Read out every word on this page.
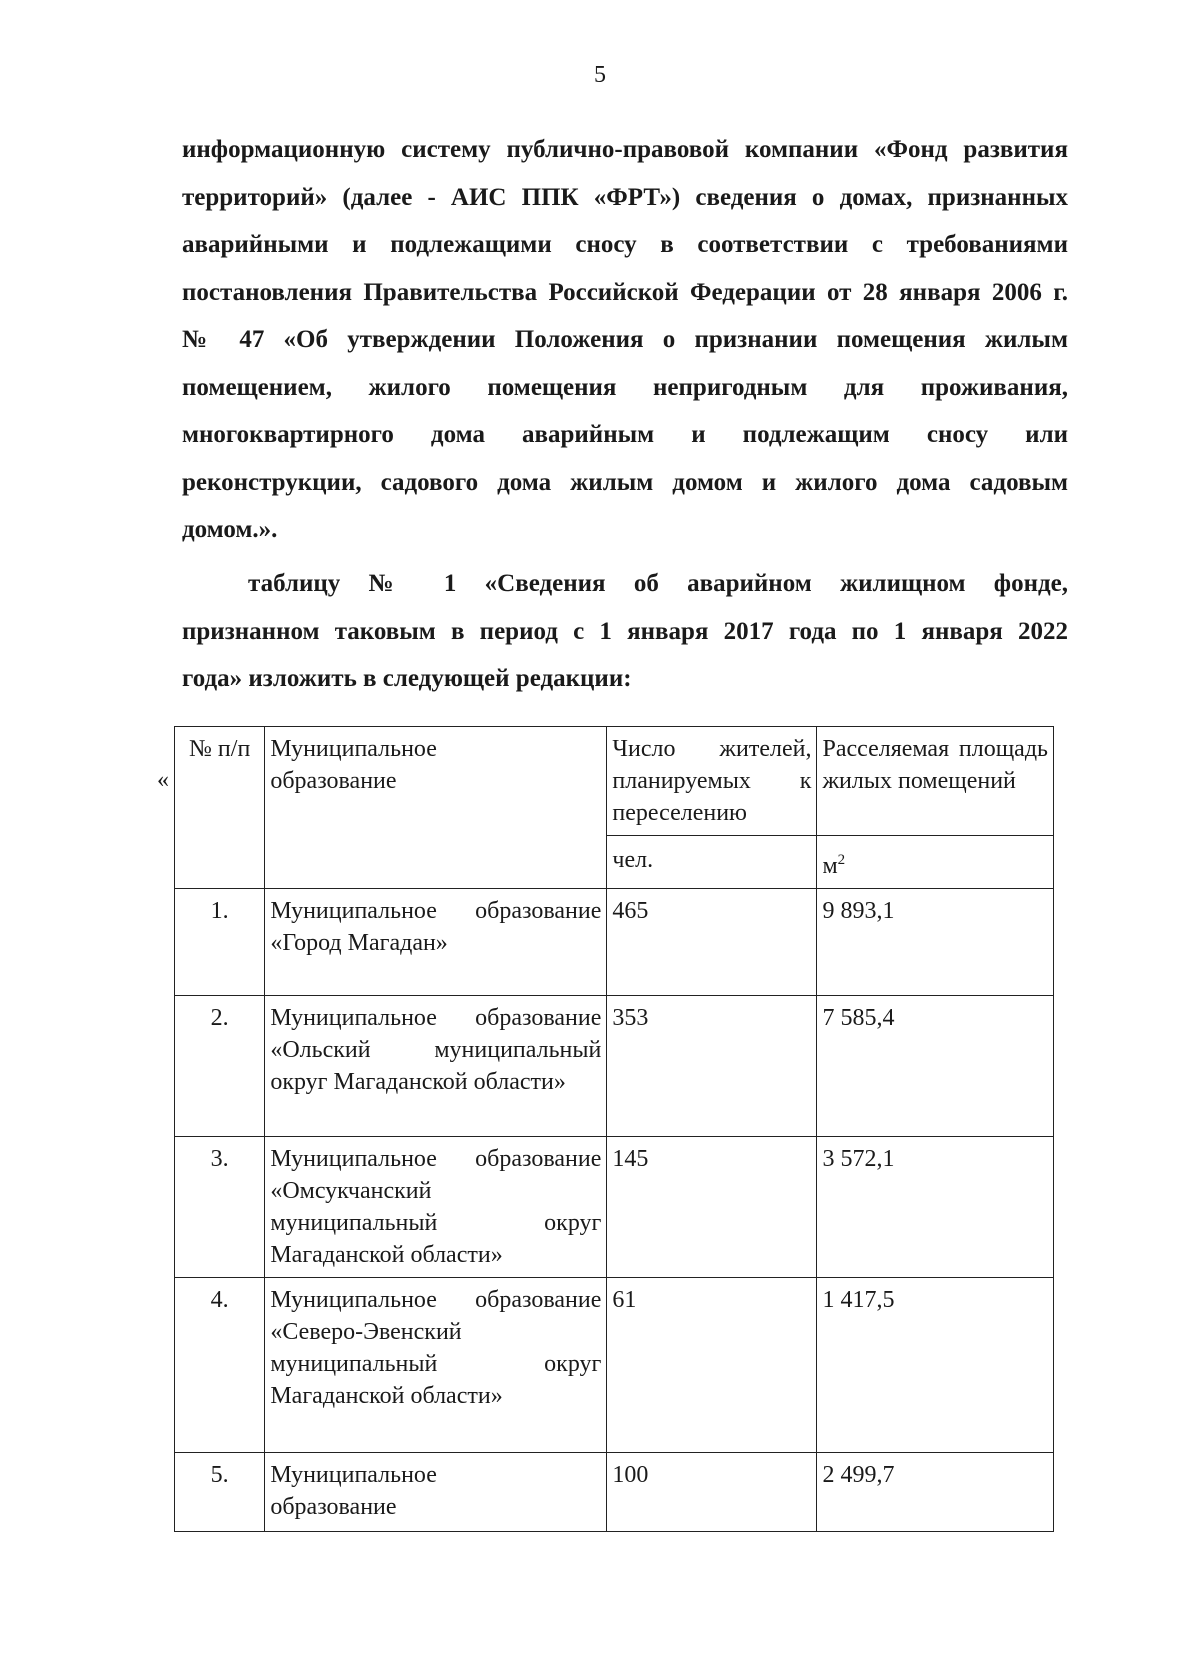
5
информационную систему публично-правовой компании «Фонд развития
территорий» (далее - АИС ППК «ФРТ») сведения о домах, признанных
аварийными и подлежащими сносу в соответствии с требованиями
постановления Правительства Российской Федерации от 28 января 2006 г.
№ 47 «Об утверждении Положения о признании помещения жилым
помещением, жилого помещения непригодным для проживания,
многоквартирного дома аварийным и подлежащим сносу или
реконструкции, садового дома жилым домом и жилого дома садовым
домом.».
таблицу № 1 «Сведения об аварийном жилищном фонде,
признанном таковым в период с 1 января 2017 года по 1 января 2022
года» изложить в следующей редакции:
«
№ п/п	Муниципальное образование	Число жителей, планируемых к переселению	Расселяемая площадь жилых помещений

		чел.	$м^2$
1.	Муниципальное образование «Город Магадан»	465	9 893,1
2.	Муниципальное образование «Ольский муниципальный округ Магаданской области»	353	7 585,4
3.	Муниципальное образование «Омсукчанский муниципальный округ Магаданской области»	145	3 572,1
4.	Муниципальное образование «Северо-Эвенский муниципальный округ Магаданской области»	61	1 417,5
5.	Муниципальное образование	100	2 499,7
